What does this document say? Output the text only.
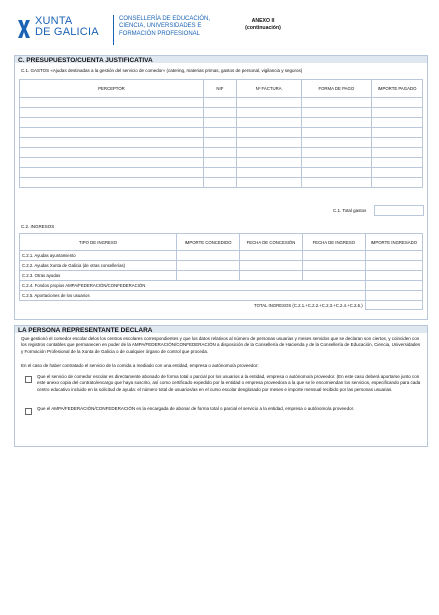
XUNTA
DE GALICIA
CONSELLERÍA DE EDUCACIÓN,
CIENCIA, UNIVERSIDADES E
FORMACIÓN PROFESIONAL
ANEXO II
(continuación)
C. PRESUPUESTO/CUENTA JUSTIFICATIVA
C.1. GASTOS «Ajudas destinadas a la gestión del servicio de comedor» (catering, materias primas, gastos de personal, vigilancia y seguros)
PERCEPTOR	NIF	Nº FACTURA	FORMA DE PAGO	IMPORTE PAGADO

C.1. Total gastos
C.2. INGRESOS
TIPO DE INGRESO	IMPORTE CONCEDIDO	FECHA DE CONCESIÓN	FECHA DE INGRESO	IMPORTE INGRESADO
C.2.1. Ayudas ayuntamiento				
C.2.2. Ayudas Xunta de Galicia (de otras consellerías)				
C.2.3. Otras ayudas				
C.2.4. Fondos propios AMPA/FEDERACIÓN/CONFEDERACIÓN				
C.2.5. Aportaciones de los usuarios				
TOTAL INGRESOS (C.2.1.+C.2.2.+C.2.3.+C.2.4.+C.2.5.)				
LA PERSONA REPRESENTANTE DECLARA
Que gestionó el comedor escolar delos los centros escolares correspondientes y que los datos relativos al número de personas usuarias y meses servidos que se declaran son ciertos, y coinciden con los registros contables que permanecen en poder de la AMPA/FEDERACIÓN/CONFEDERACIÓN a disposición de la Consellería de Hacienda y de la Consellería de Educación, Ciencia, Universidades y Formación Profesional de la Xunta de Galicia o de cualquier órgano de control que proceda.
En el caso de haber contratado el servicio de la comida a mediado con una entidad, empresa o autónomo/a proveedor:
Que el servicio de comedor escolar es directamente abonado de forma total o parcial por los usuarios a la entidad, empresa o autónomo/a proveedor. (En este caso deberá aportarse junto con este anexo copia del contrato/encargo que haya suscrito, así como certificado expedido por la entidad o empresa proveedora a la que se le encomiendan los servicios, especificando para cada centro educativo incluido en la solicitud de ayuda: el número total de usuarios/as en el curso escolar desglosado por meses e importe mensual recibido por las personas usuarias.
Que el AMPA/FEDERACIÓN/CONFEDERACIÓN es la encargada de abonar de forma total o parcial el servicio a la entidad, empresa o autónomo/a proveedor.
